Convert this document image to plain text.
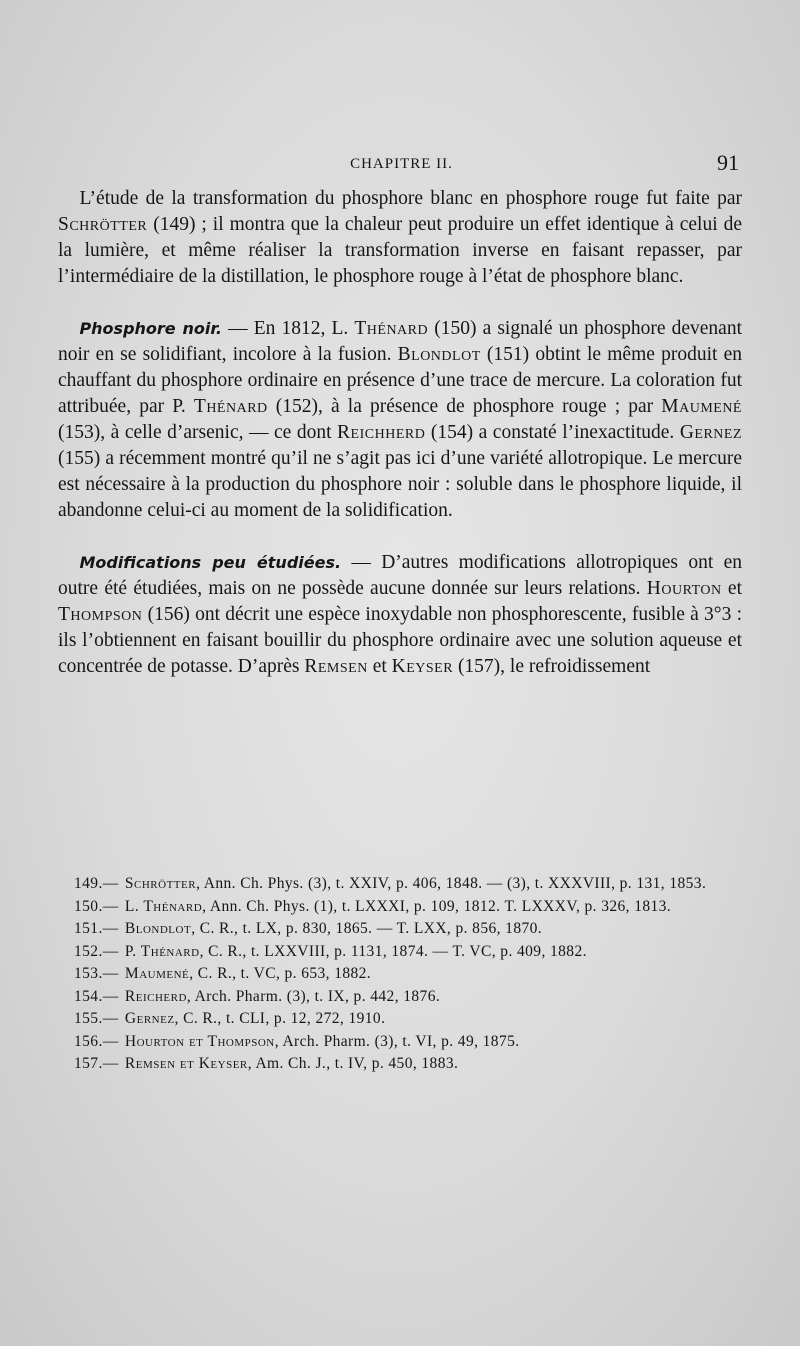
CHAPITRE II.	91

L’étude de la transformation du phosphore blanc en phosphore rouge fut faite par Schrötter (149) ; il montra que la chaleur peut produire un effet identique à celui de la lumière, et même réaliser la transformation inverse en faisant repasser, par l’intermédiaire de la distillation, le phosphore rouge à l’état de phosphore blanc.

Phosphore noir. — En 1812, L. Thénard (150) a signalé un phosphore devenant noir en se solidifiant, incolore à la fusion. Blondlot (151) obtint le même produit en chauffant du phosphore ordinaire en présence d’une trace de mercure. La coloration fut attribuée, par P. Thénard (152), à la présence de phosphore rouge ; par Maumené (153), à celle d’arsenic, — ce dont Reichherd (154) a constaté l’inexactitude. Gernez (155) a récemment montré qu’il ne s’agit pas ici d’une variété allotropique. Le mercure est nécessaire à la production du phosphore noir : soluble dans le phosphore liquide, il abandonne celui-ci au moment de la solidification.

Modifications peu étudiées. — D’autres modifications allotropiques ont en outre été étudiées, mais on ne possède aucune donnée sur leurs relations. Hourton et Thompson (156) ont décrit une espèce inoxydable non phosphorescente, fusible à 3°3 : ils l’obtiennent en faisant bouillir du phosphore ordinaire avec une solution aqueuse et concentrée de potasse. D’après Remsen et Keyser (157), le refroidissement

149.— Schrötter, Ann. Ch. Phys. (3), t. XXIV, p. 406, 1848. — (3), t. XXXVIII, p. 131, 1853.

150.— L. Thénard, Ann. Ch. Phys. (1), t. LXXXI, p. 109, 1812. T. LXXXV, p. 326, 1813.

151.— Blondlot, C. R., t. LX, p. 830, 1865. — T. LXX, p. 856, 1870.

152.— P. Thénard, C. R., t. LXXVIII, p. 1131, 1874. — T. VC, p. 409, 1882.

153.— Maumené, C. R., t. VC, p. 653, 1882.

154.— Reicherd, Arch. Pharm. (3), t. IX, p. 442, 1876.

155.— Gernez, C. R., t. CLI, p. 12, 272, 1910.

156.— Hourton et Thompson, Arch. Pharm. (3), t. VI, p. 49, 1875.

157.— Remsen et Keyser, Am. Ch. J., t. IV, p. 450, 1883.
